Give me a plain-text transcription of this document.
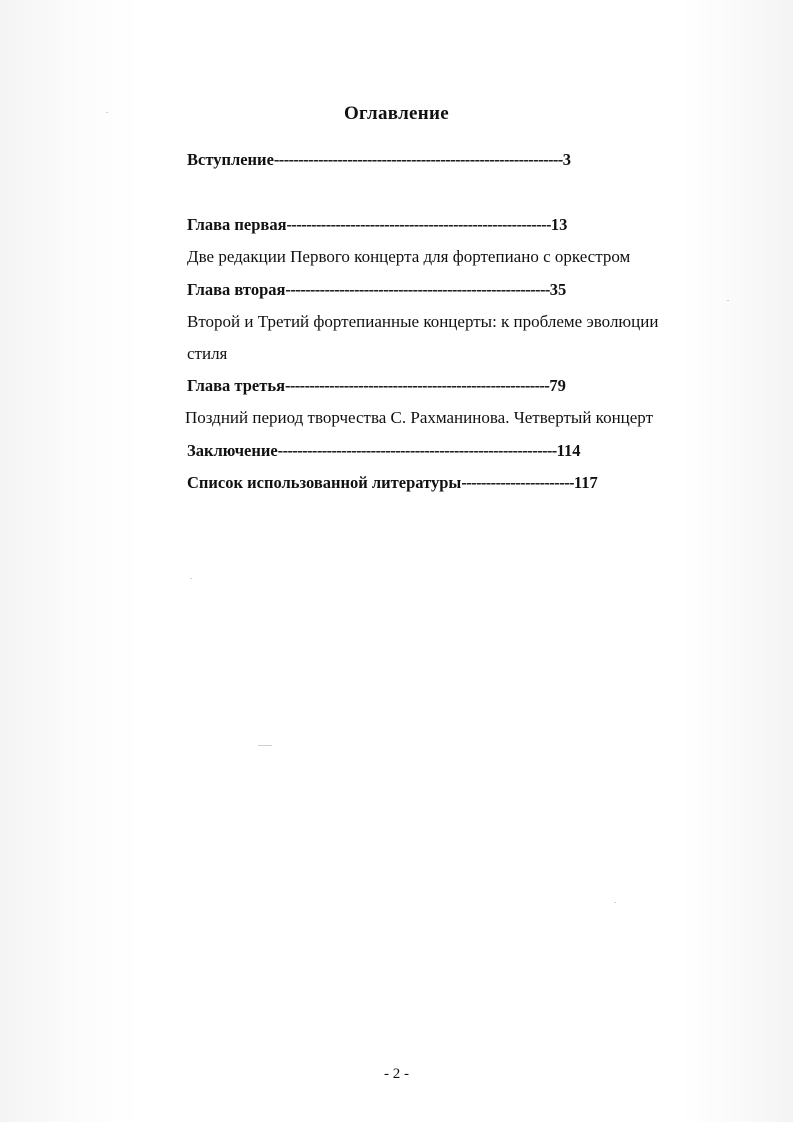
Оглавление
Вступление-----------------------------------------------------------3
Глава первая------------------------------------------------------13
Две редакции Первого концерта для фортепиано с оркестром
Глава вторая------------------------------------------------------35
Второй и Третий фортепианные концерты: к проблеме эволюции
стиля
Глава третья------------------------------------------------------79
Поздний период творчества С. Рахманинова. Четвертый концерт
Заключение---------------------------------------------------------114
Список использованной литературы-----------------------117
- 2 -
